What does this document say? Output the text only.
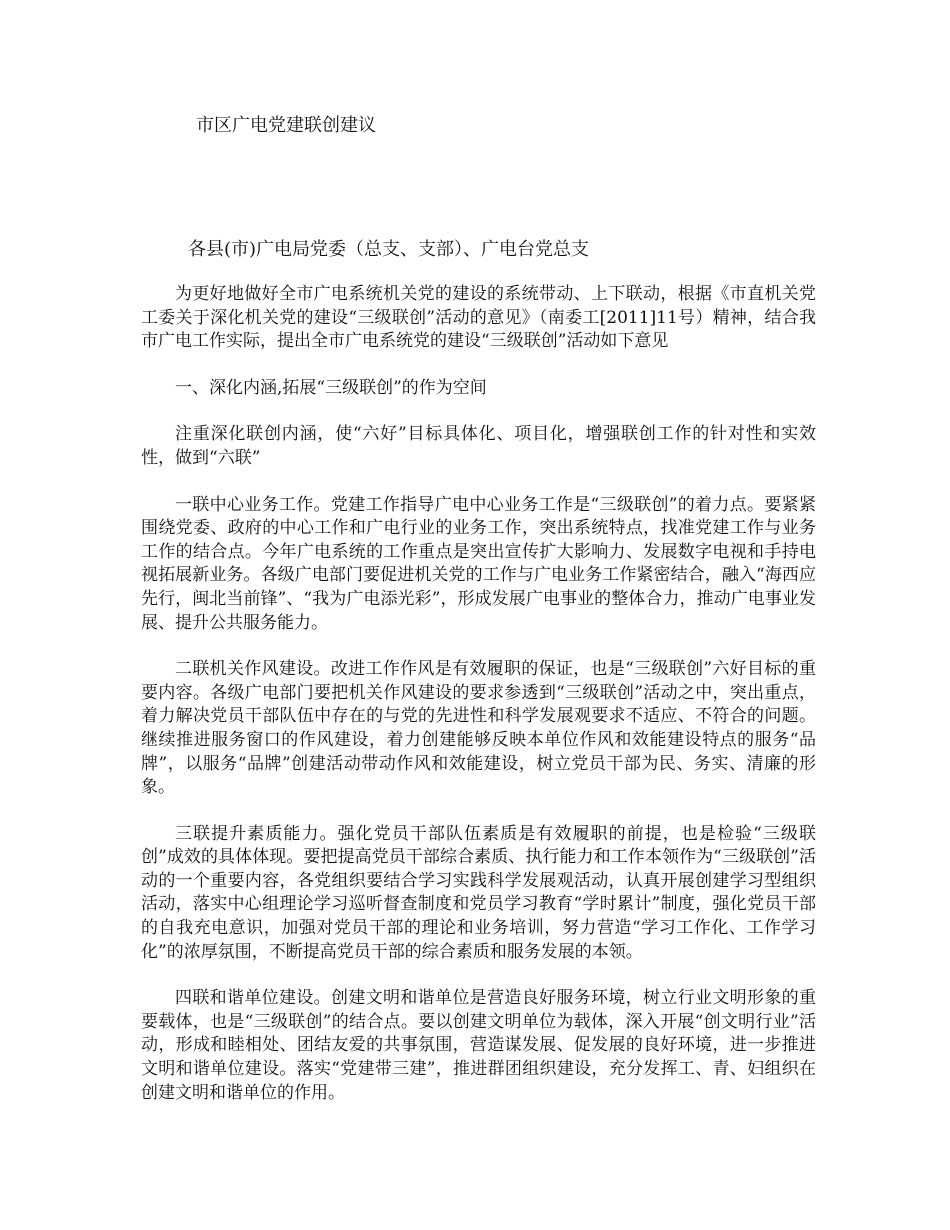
市区广电党建联创建议
各县(市)广电局党委（总支、支部）、广电台党总支

为更好地做好全市广电系统机关党的建设的系统带动、上下联动，根据《市直机关党工委关于深化机关党的建设“三级联创”活动的意见》（南委工[2011]11号）精神，结合我市广电工作实际，提出全市广电系统党的建设“三级联创”活动如下意见

一、深化内涵,拓展“三级联创”的作为空间

注重深化联创内涵，使“六好”目标具体化、项目化，增强联创工作的针对性和实效性，做到“六联”

一联中心业务工作。党建工作指导广电中心业务工作是“三级联创”的着力点。要紧紧围绕党委、政府的中心工作和广电行业的业务工作，突出系统特点，找准党建工作与业务工作的结合点。今年广电系统的工作重点是突出宣传扩大影响力、发展数字电视和手持电视拓展新业务。各级广电部门要促进机关党的工作与广电业务工作紧密结合，融入“海西应先行，闽北当前锋”、“我为广电添光彩”，形成发展广电事业的整体合力，推动广电事业发展、提升公共服务能力。

二联机关作风建设。改进工作作风是有效履职的保证，也是“三级联创”六好目标的重要内容。各级广电部门要把机关作风建设的要求参透到“三级联创”活动之中，突出重点，着力解决党员干部队伍中存在的与党的先进性和科学发展观要求不适应、不符合的问题。继续推进服务窗口的作风建设，着力创建能够反映本单位作风和效能建设特点的服务“品牌”，以服务“品牌”创建活动带动作风和效能建设，树立党员干部为民、务实、清廉的形象。

三联提升素质能力。强化党员干部队伍素质是有效履职的前提，也是检验“三级联创”成效的具体体现。要把提高党员干部综合素质、执行能力和工作本领作为“三级联创”活动的一个重要内容，各党组织要结合学习实践科学发展观活动，认真开展创建学习型组织活动，落实中心组理论学习巡听督查制度和党员学习教育“学时累计”制度，强化党员干部的自我充电意识，加强对党员干部的理论和业务培训，努力营造“学习工作化、工作学习化”的浓厚氛围，不断提高党员干部的综合素质和服务发展的本领。

四联和谐单位建设。创建文明和谐单位是营造良好服务环境，树立行业文明形象的重要载体，也是“三级联创”的结合点。要以创建文明单位为载体，深入开展“创文明行业”活动，形成和睦相处、团结友爱的共事氛围，营造谋发展、促发展的良好环境，进一步推进文明和谐单位建设。落实“党建带三建”，推进群团组织建设，充分发挥工、青、妇组织在创建文明和谐单位的作用。
